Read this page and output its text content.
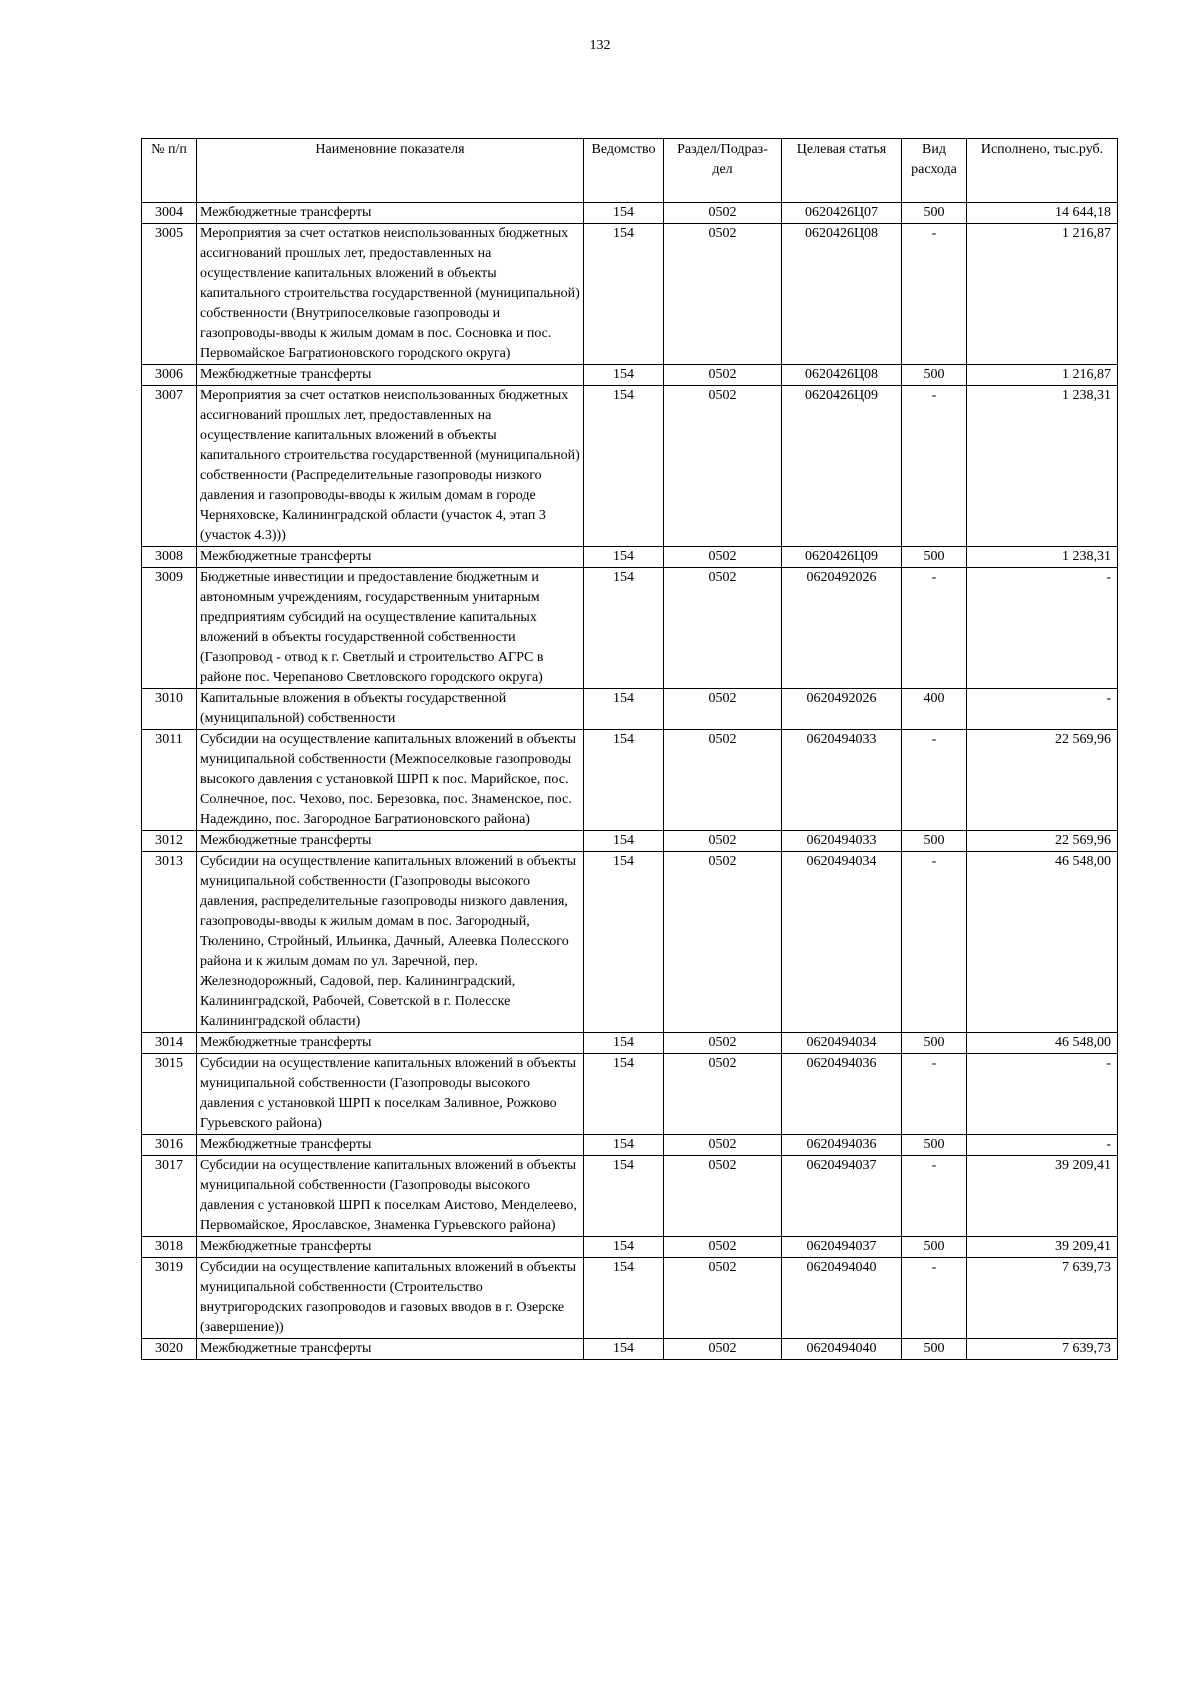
132
№ п/п	Наименовние показателя	Ведомство	Раздел/Подраз-дел	Целевая статья	Вид расхода	Исполнено, тыс.руб.
3004	Межбюджетные трансферты	154	0502	0620426Ц07	500	14 644,18
3005	Мероприятия за счет остатков неиспользованных бюджетных ассигнований прошлых лет, предоставленных на осуществление капитальных вложений в объекты капитального строительства государственной (муниципальной) собственности (Внутрипоселковые газопроводы и газопроводы-вводы к жилым домам в пос. Сосновка и пос. Первомайское Багратионовского городского округа)	154	0502	0620426Ц08	-	1 216,87
3006	Межбюджетные трансферты	154	0502	0620426Ц08	500	1 216,87
3007	Мероприятия за счет остатков неиспользованных бюджетных ассигнований прошлых лет, предоставленных на осуществление капитальных вложений в объекты капитального строительства государственной (муниципальной) собственности (Распределительные газопроводы низкого давления и газопроводы-вводы к жилым домам в городе Черняховске, Калининградской области (участок 4, этап 3 (участок 4.3)))	154	0502	0620426Ц09	-	1 238,31
3008	Межбюджетные трансферты	154	0502	0620426Ц09	500	1 238,31
3009	Бюджетные инвестиции и предоставление бюджетным и автономным учреждениям, государственным унитарным предприятиям субсидий на осуществление капитальных вложений в объекты государственной собственности (Газопровод - отвод к г. Светлый и строительство АГРС в районе пос. Черепаново Светловского городского округа)	154	0502	0620492026	-	-
3010	Капитальные вложения в объекты государственной (муниципальной) собственности	154	0502	0620492026	400	-
3011	Субсидии на осуществление капитальных вложений в объекты муниципальной собственности (Межпоселковые газопроводы высокого давления с установкой ШРП к пос. Марийское, пос. Солнечное, пос. Чехово, пос. Березовка, пос. Знаменское, пос. Надеждино, пос. Загородное Багратионовского района)	154	0502	0620494033	-	22 569,96
3012	Межбюджетные трансферты	154	0502	0620494033	500	22 569,96
3013	Субсидии на осуществление капитальных вложений в объекты муниципальной собственности (Газопроводы высокого давления, распределительные газопроводы низкого давления, газопроводы-вводы к жилым домам в пос. Загородный, Тюленино, Стройный, Ильинка, Дачный, Алеевка Полесского района и к жилым домам по ул. Заречной, пер. Железнодорожный, Садовой, пер. Калининградский, Калининградской, Рабочей, Советской в г. Полесске Калининградской области)	154	0502	0620494034	-	46 548,00
3014	Межбюджетные трансферты	154	0502	0620494034	500	46 548,00
3015	Субсидии на осуществление капитальных вложений в объекты муниципальной собственности (Газопроводы высокого давления с установкой ШРП к поселкам Заливное, Рожково Гурьевского района)	154	0502	0620494036	-	-
3016	Межбюджетные трансферты	154	0502	0620494036	500	-
3017	Субсидии на осуществление капитальных вложений в объекты муниципальной собственности (Газопроводы высокого давления с установкой ШРП к поселкам Аистово, Менделеево, Первомайское, Ярославское, Знаменка Гурьевского района)	154	0502	0620494037	-	39 209,41
3018	Межбюджетные трансферты	154	0502	0620494037	500	39 209,41
3019	Субсидии на осуществление капитальных вложений в объекты муниципальной собственности (Строительство внутригородских газопроводов и газовых вводов в г. Озерске (завершение))	154	0502	0620494040	-	7 639,73
3020	Межбюджетные трансферты	154	0502	0620494040	500	7 639,73
